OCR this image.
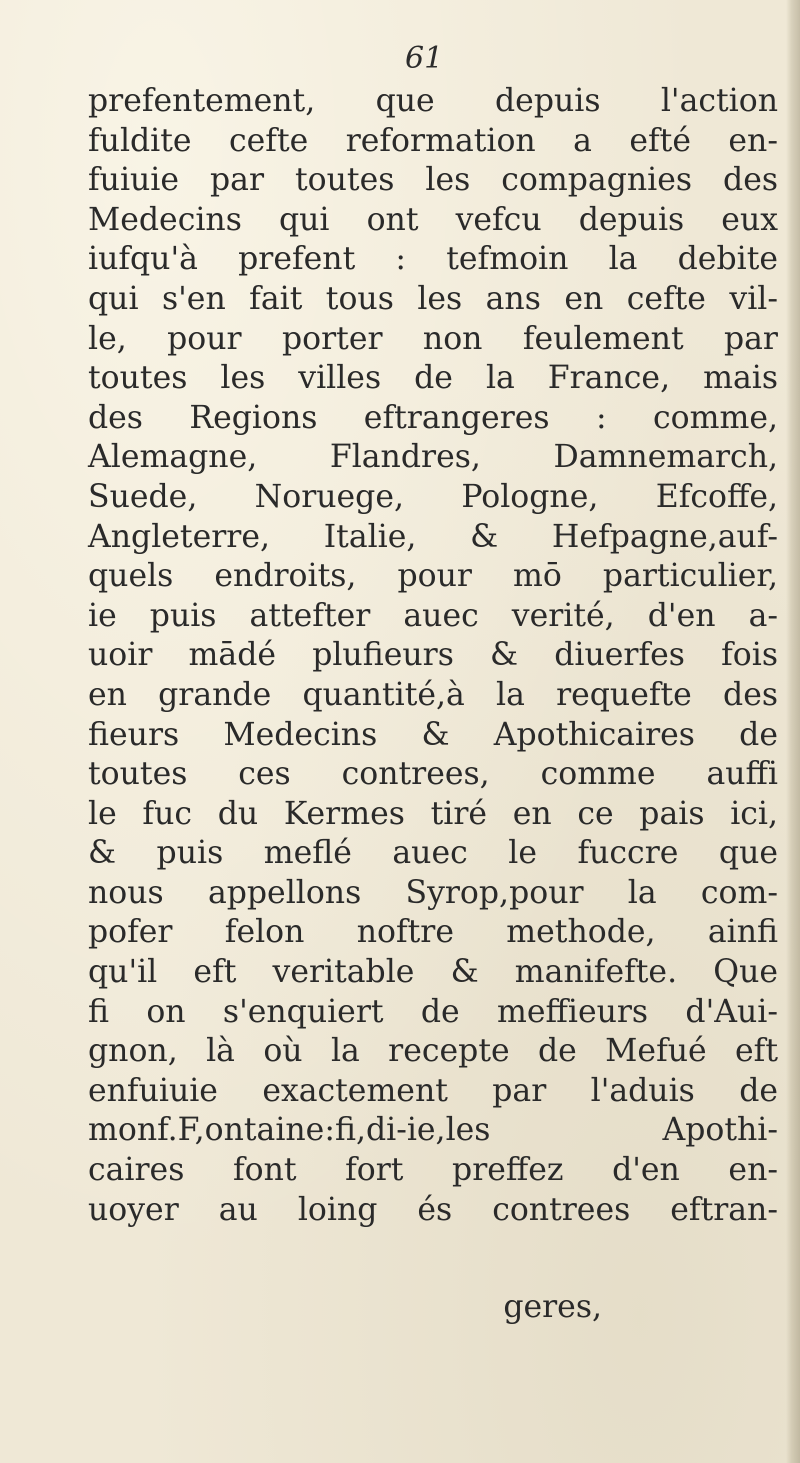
61
prefentement, que depuis l'action
fuldite cefte reformation a efté en-
fuiuie par toutes les compagnies des
Medecins qui ont vefcu depuis eux
iufqu'à prefent : tefmoin la debite
qui s'en fait tous les ans en cefte vil-
le, pour porter non feulement par
toutes les villes de la France, mais
des Regions eftrangeres : comme,
Alemagne, Flandres, Damnemarch,
Suede, Noruege, Pologne, Efcoffe,
Angleterre, Italie, & Hefpagne,auf-
quels endroits, pour mō particulier,
ie puis attefter auec verité, d'en a-
uoir mādé plufieurs & diuerfes fois
en grande quantité,à la requefte des
fieurs Medecins & Apothicaires de
toutes ces contrees, comme auffi
le fuc du Kermes tiré en ce pais ici,
& puis meflé auec le fuccre que
nous appellons Syrop,pour la com-
pofer felon noftre methode, ainfi
qu'il eft veritable & manifefte. Que
fi on s'enquiert de meffieurs d'Aui-
gnon, là où la recepte de Mefué eft
enfuiuie exactement par l'aduis de
monf.F,ontaine:fi,di-ie,les Apothi-
caires font fort preffez d'en en-
uoyer au loing és contrees eftran-
geres,
